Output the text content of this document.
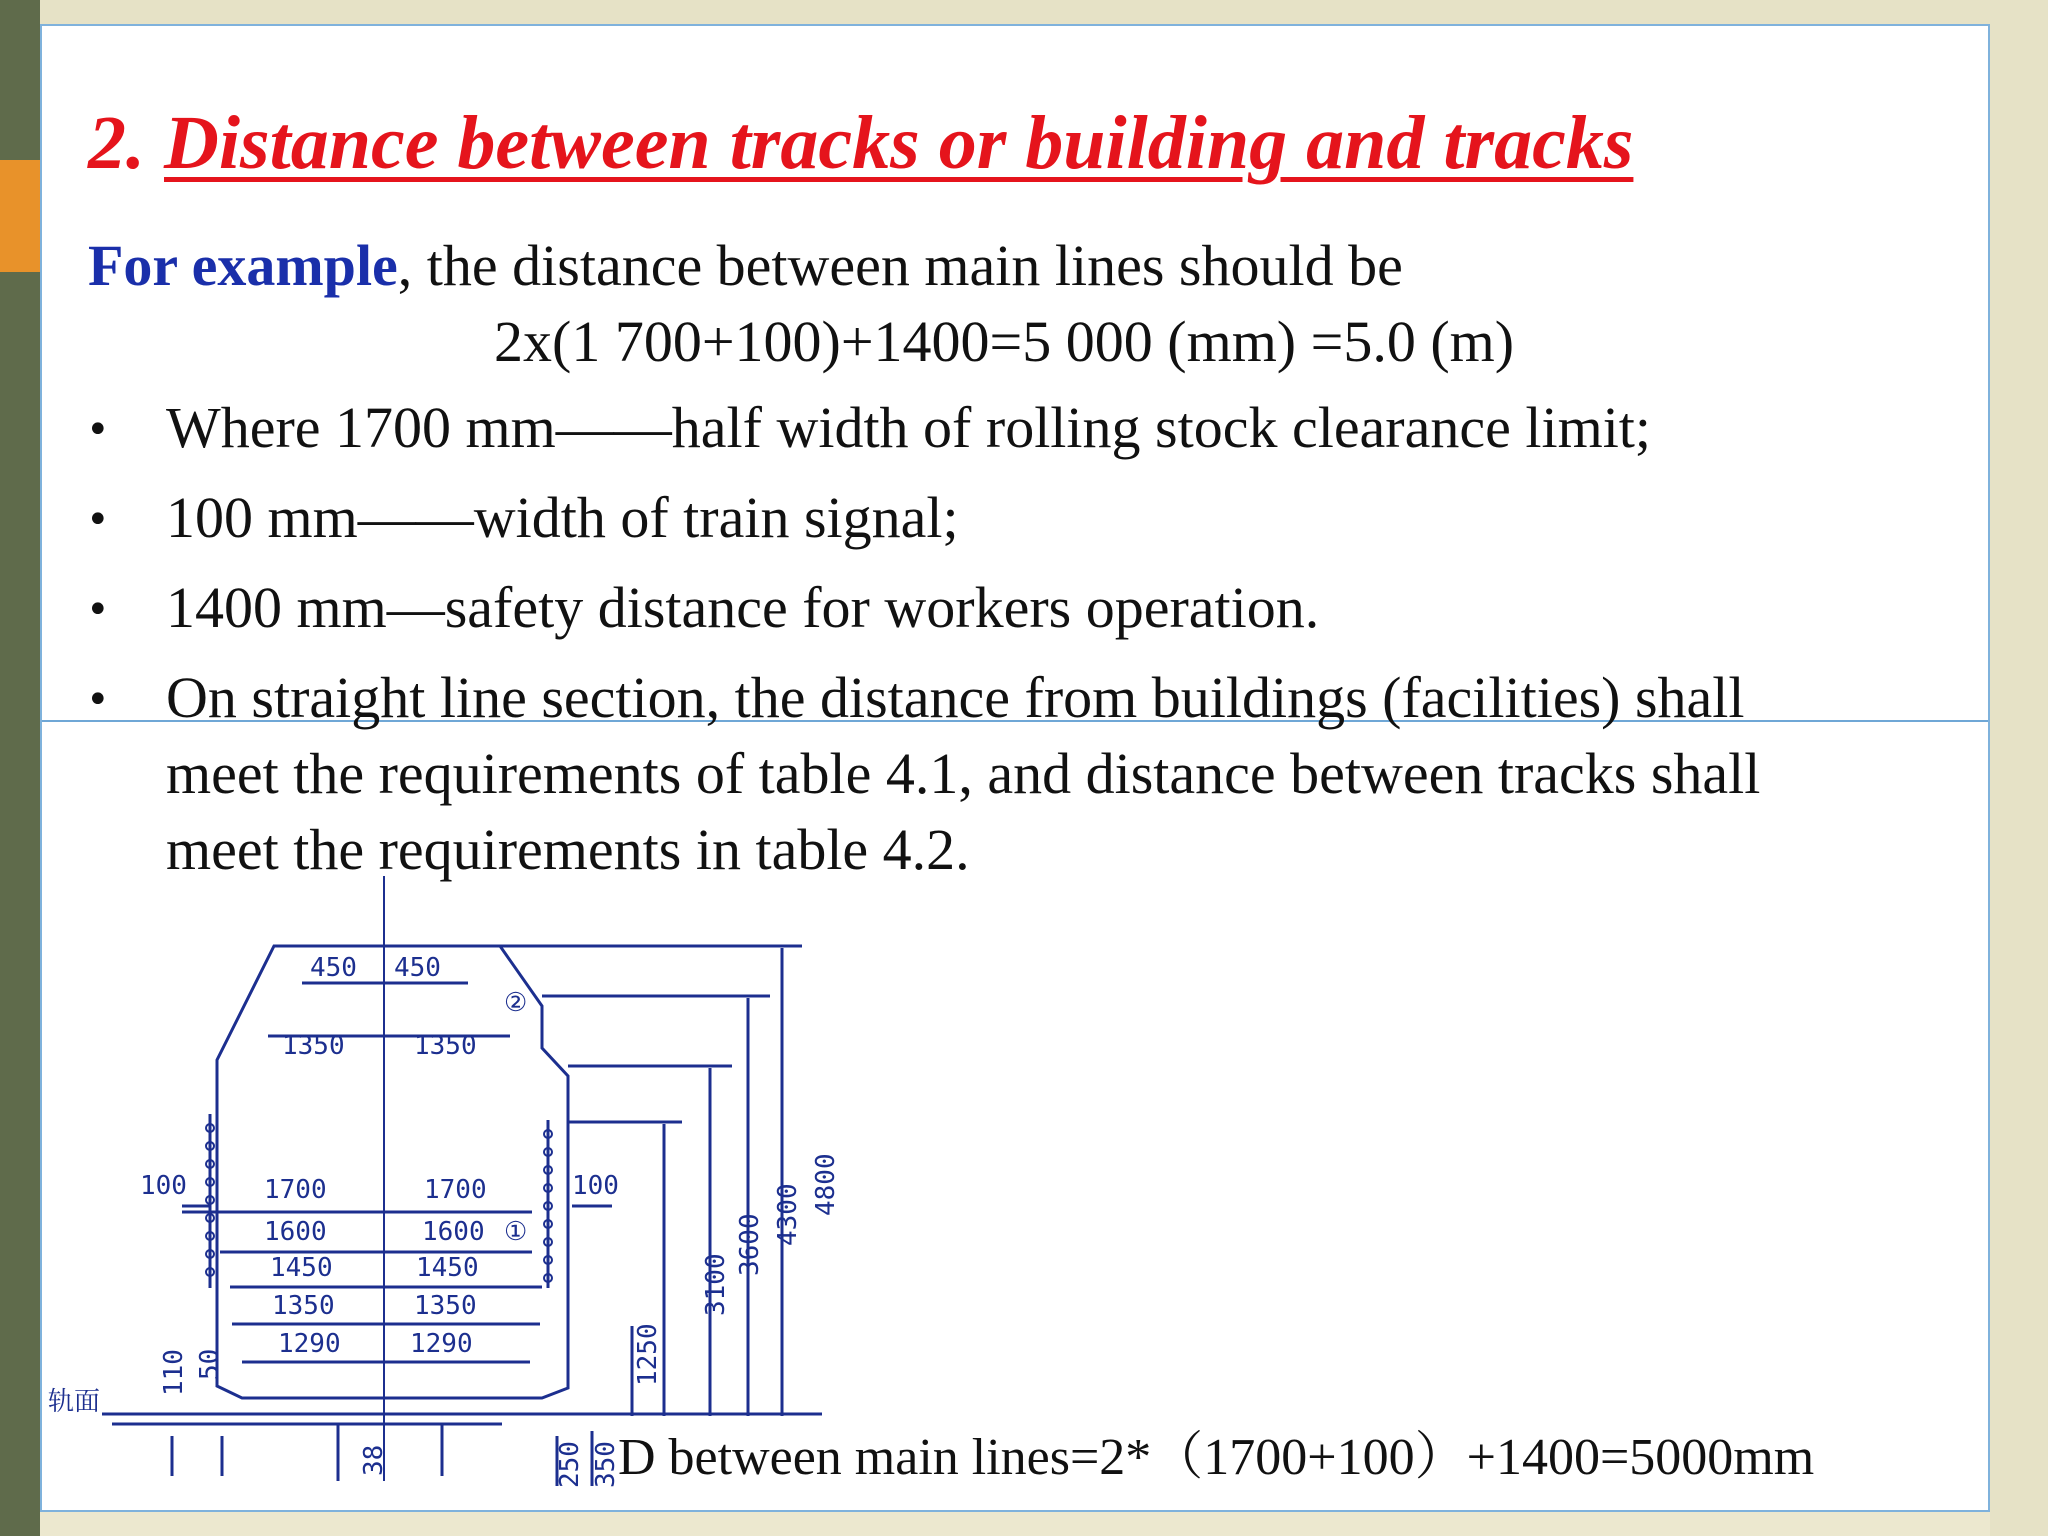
2. Distance between tracks or building and tracks
For example, the distance between main lines should be
2x(1 700+100)+1400=5 000 (mm) =5.0 (m)
• Where 1700 mm——half width of rolling stock clearance limit;
• 100 mm——width of train signal;
• 1400 mm—safety distance for workers operation.
• On straight line section, the distance from buildings (facilities) shall
meet the requirements of table 4.1, and distance between tracks shall
meet the requirements in table 4.2.
450 450
②
1350	1350
100	100
1700	1700
1600	1600 ①
1450	1450
1350	1350
1290	1290
3100
3600 4300 4800
1250
110 50
38	250 350
轨面
D between main lines=2*（1700+100）+1400=5000mm
